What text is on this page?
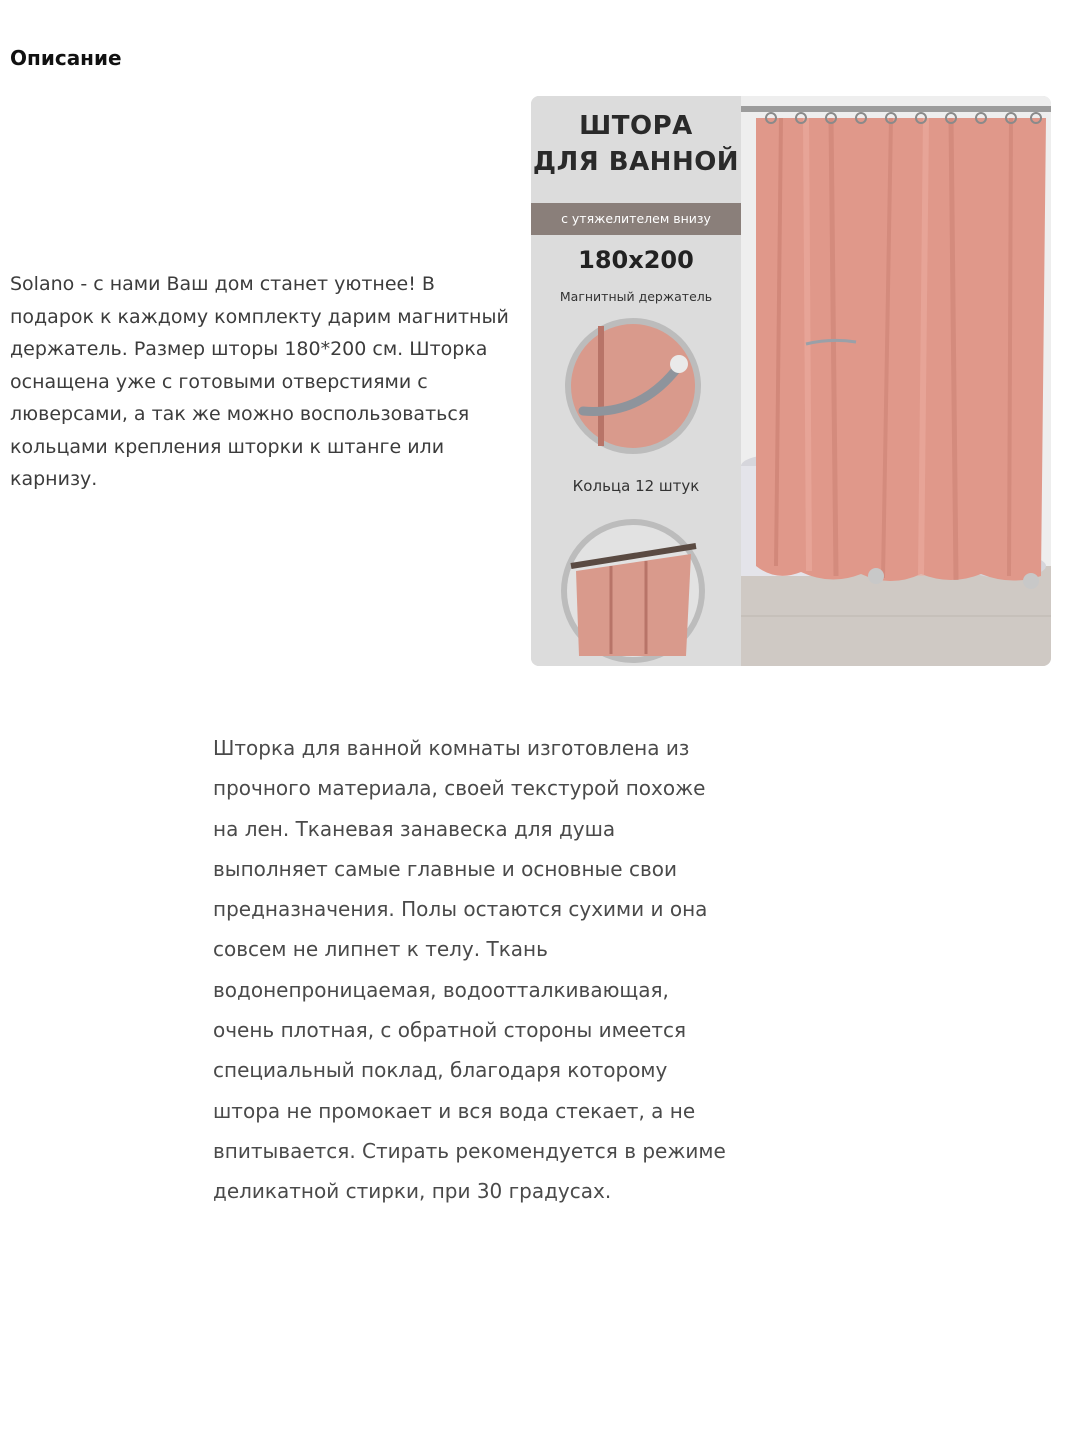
Описание

Solano - с нами Ваш дом станет уютнее! В подарок к каждому комплекту дарим магнитный держатель. Размер шторы 180*200 см. Шторка оснащена уже с готовыми отверстиями с люверсами, а так же можно воспользоваться кольцами крепления шторки к штанге или карнизу.

ШТОРА
ДЛЯ ВАННОЙ
с утяжелителем внизу
180x200
Магнитный держатель
Кольца 12 штук

Шторка для ванной комнаты изготовлена из
прочного материала, своей текстурой похоже
на лен. Тканевая занавеска для душа
выполняет самые главные и основные свои
предназначения. Полы остаются сухими и она
совсем не липнет к телу. Ткань
водонепроницаемая, водоотталкивающая,
очень плотная, с обратной стороны имеется
специальный поклад, благодаря которому
штора не промокает и вся вода стекает, а не
впитывается. Стирать рекомендуется в режиме
деликатной стирки, при 30 градусах.
